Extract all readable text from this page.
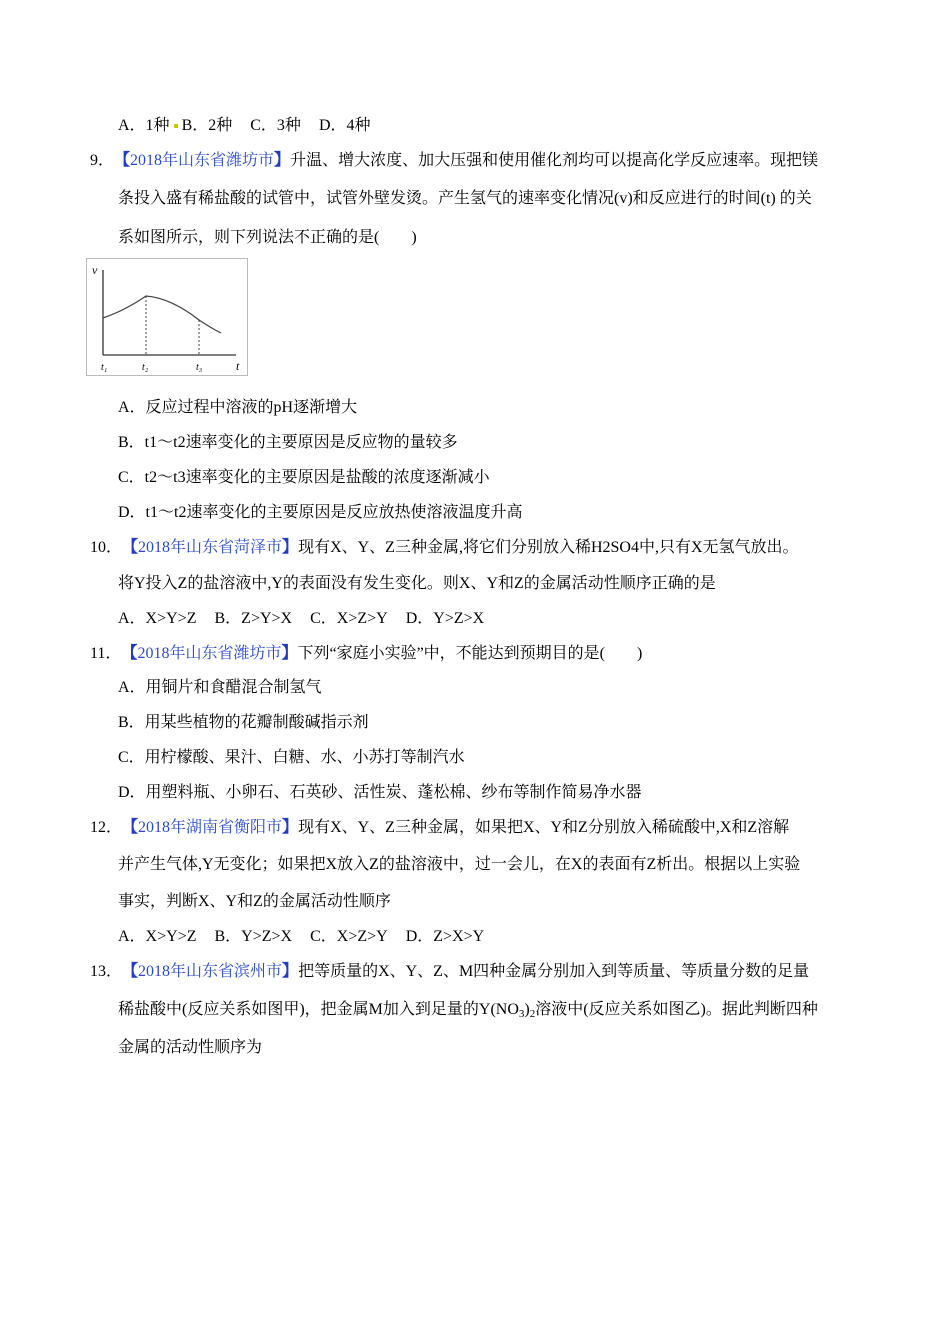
A．1种 B．2种 C．3种 D．4种
9．【2018年山东省潍坊市】升温、增大浓度、加大压强和使用催化剂均可以提高化学反应速率。现把镁
条投入盛有稀盐酸的试管中，试管外壁发烫。产生氢气的速率变化情况(v)和反应进行的时间(t) 的关
系如图所示，则下列说法不正确的是(　　)
v
t
t₁	t₂	t₃
A．反应过程中溶液的pH逐渐增大
B．t1～t2速率变化的主要原因是反应物的量较多
C．t2～t3速率变化的主要原因是盐酸的浓度逐渐减小
D．t1～t2速率变化的主要原因是反应放热使溶液温度升高
10．【2018年山东省菏泽市】现有X、Y、Z三种金属,将它们分别放入稀H2SO4中,只有X无氢气放出。
将Y投入Z的盐溶液中,Y的表面没有发生变化。则X、Y和Z的金属活动性顺序正确的是
A．X>Y>Z B．Z>Y>X C．X>Z>Y D．Y>Z>X
11．【2018年山东省潍坊市】下列“家庭小实验”中，不能达到预期目的是(　　)
A．用铜片和食醋混合制氢气
B．用某些植物的花瓣制酸碱指示剂
C．用柠檬酸、果汁、白糖、水、小苏打等制汽水
D．用塑料瓶、小卵石、石英砂、活性炭、蓬松棉、纱布等制作简易净水器
12．【2018年湖南省衡阳市】现有X、Y、Z三种金属，如果把X、Y和Z分别放入稀硫酸中,X和Z溶解
并产生气体,Y无变化；如果把X放入Z的盐溶液中，过一会儿，在X的表面有Z析出。根据以上实验
事实，判断X、Y和Z的金属活动性顺序
A．X>Y>Z B．Y>Z>X C．X>Z>Y D．Z>X>Y
13．【2018年山东省滨州市】把等质量的X、Y、Z、M四种金属分别加入到等质量、等质量分数的足量
稀盐酸中(反应关系如图甲)，把金属M加入到足量的$Y(NO_3)_2$溶液中(反应关系如图乙)。据此判断四种
金属的活动性顺序为
